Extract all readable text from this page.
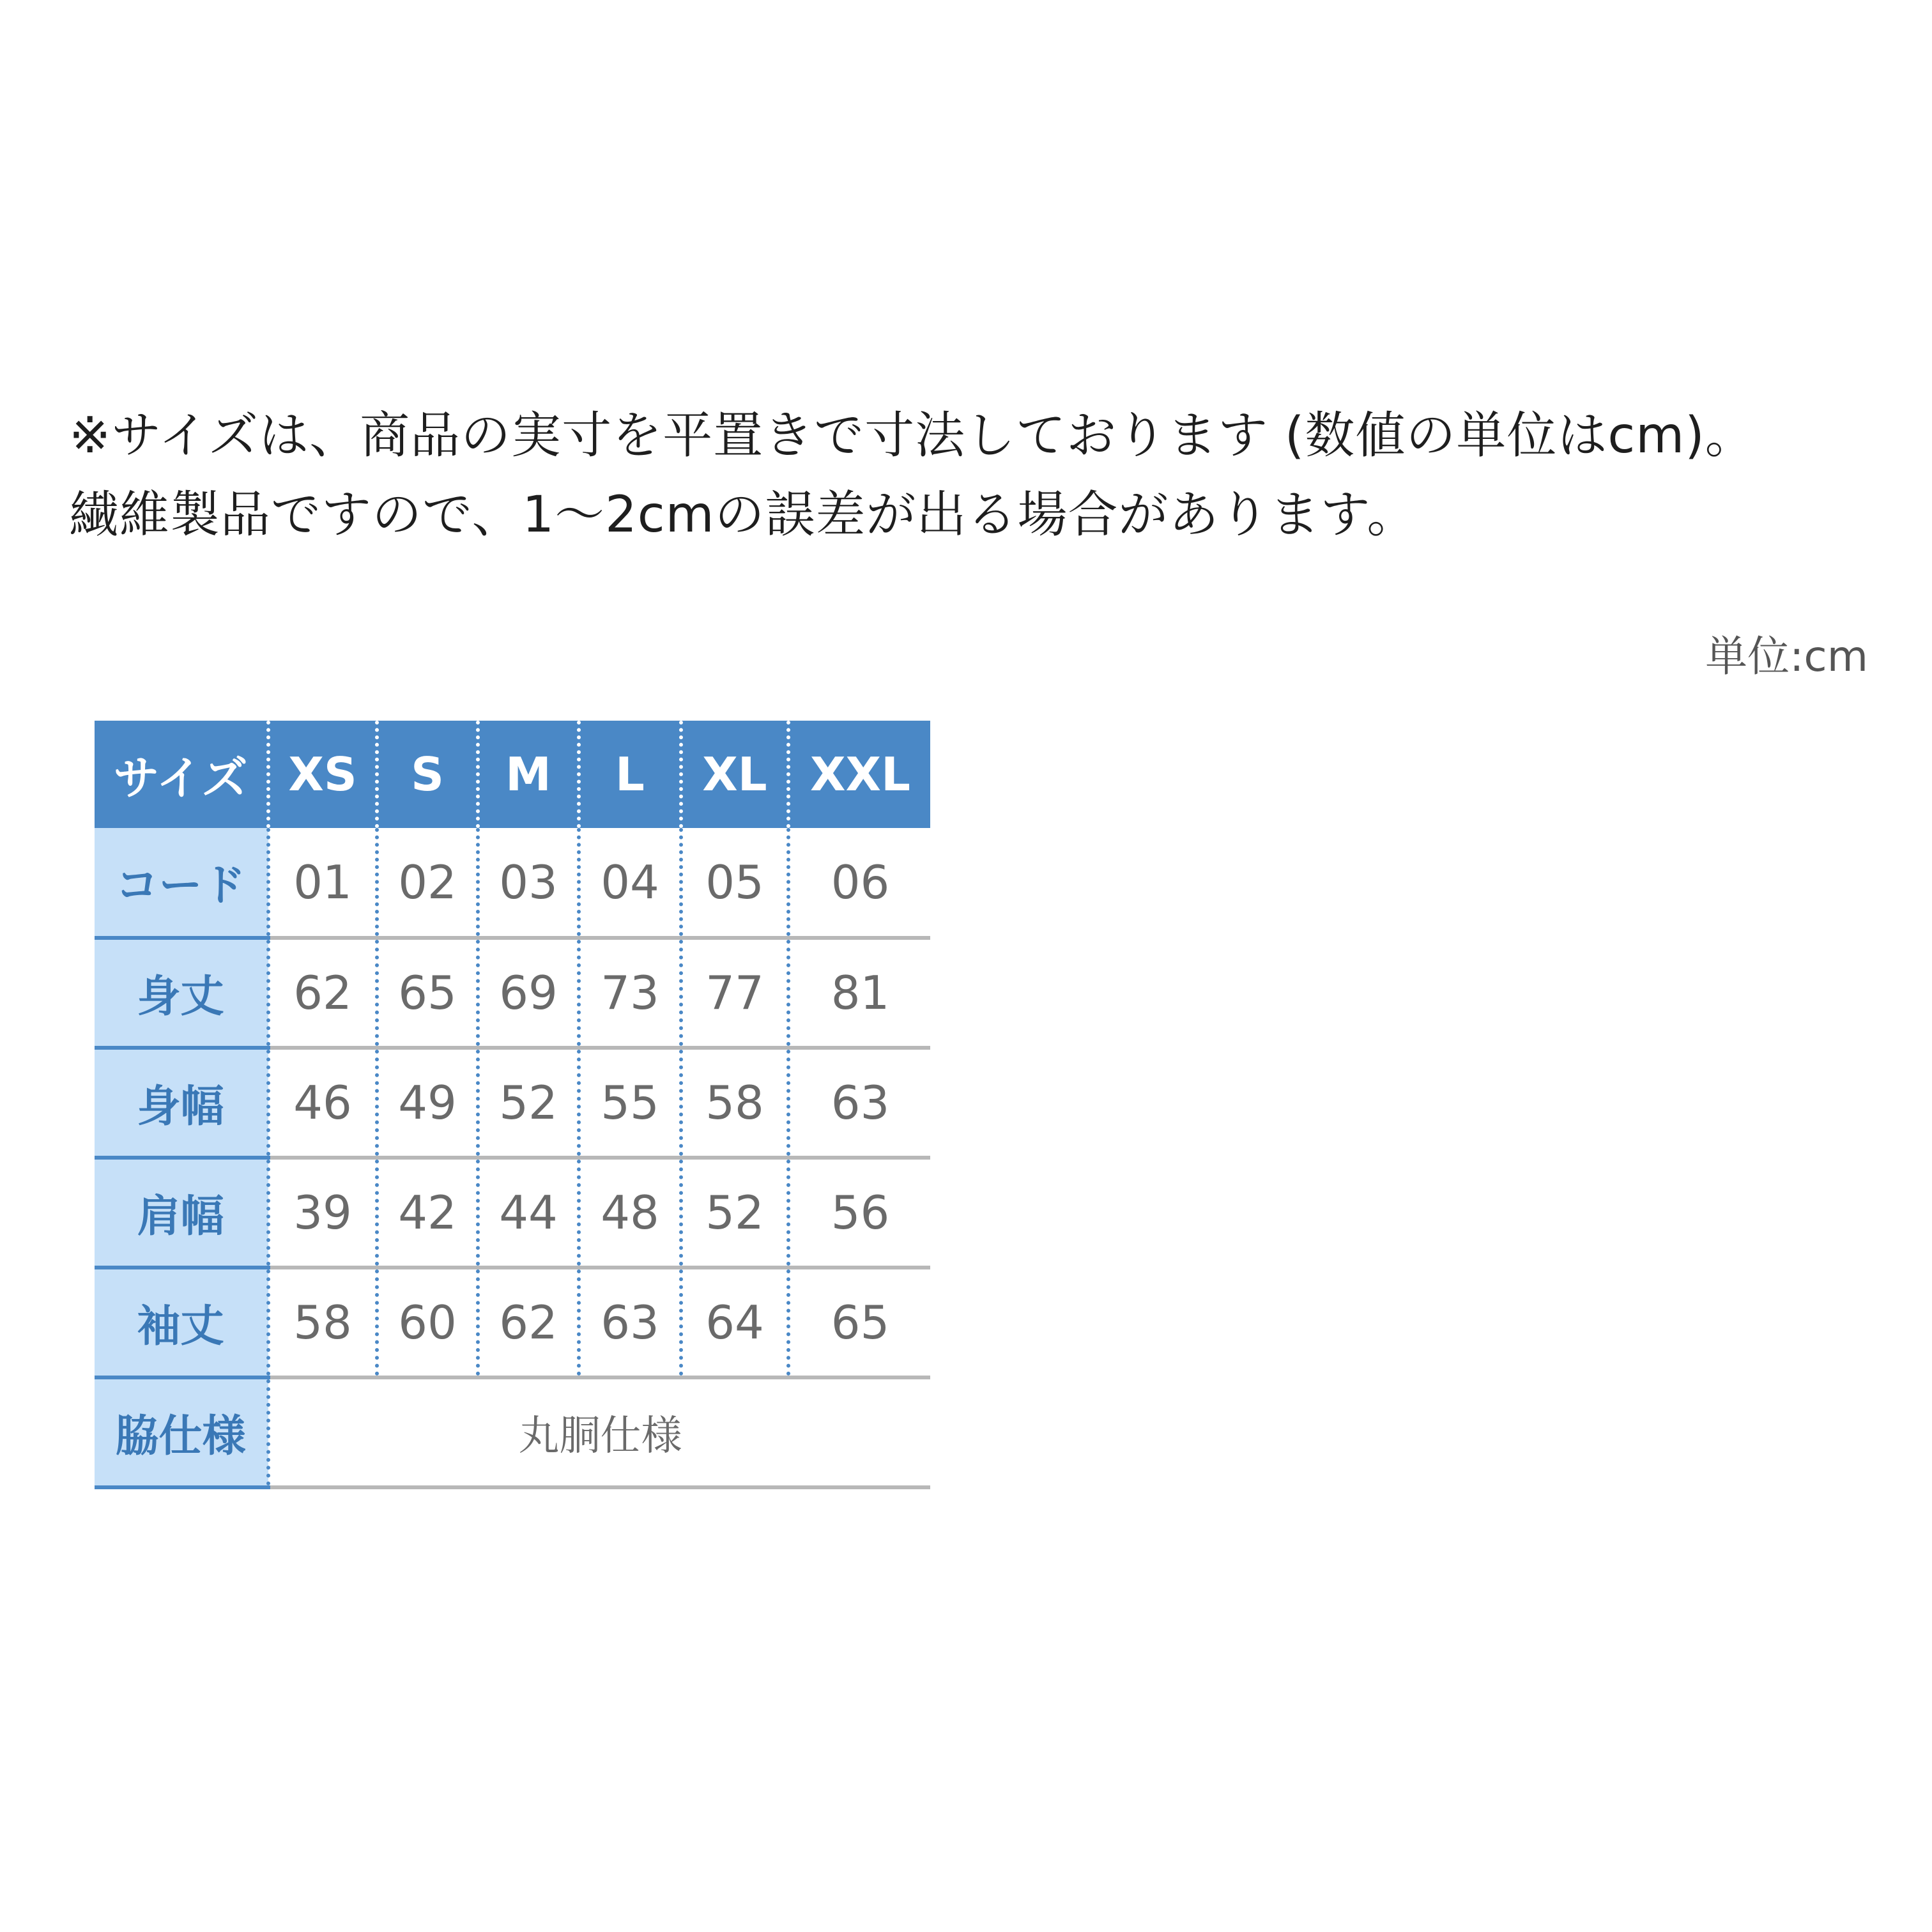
※サイズは、商品の実寸を平置きで寸法しております (数値の単位はcm)。繊維製品ですので、1〜2cmの誤差が出る場合があります。

単位:cm
サイズ	XS	S	M	L	XL	XXL
コード	01	02	03	04	05	06
身丈	62	65	69	73	77	81
身幅	46	49	52	55	58	63
肩幅	39	42	44	48	52	56
袖丈	58	60	62	63	64	65
脇仕様	丸胴仕様					
